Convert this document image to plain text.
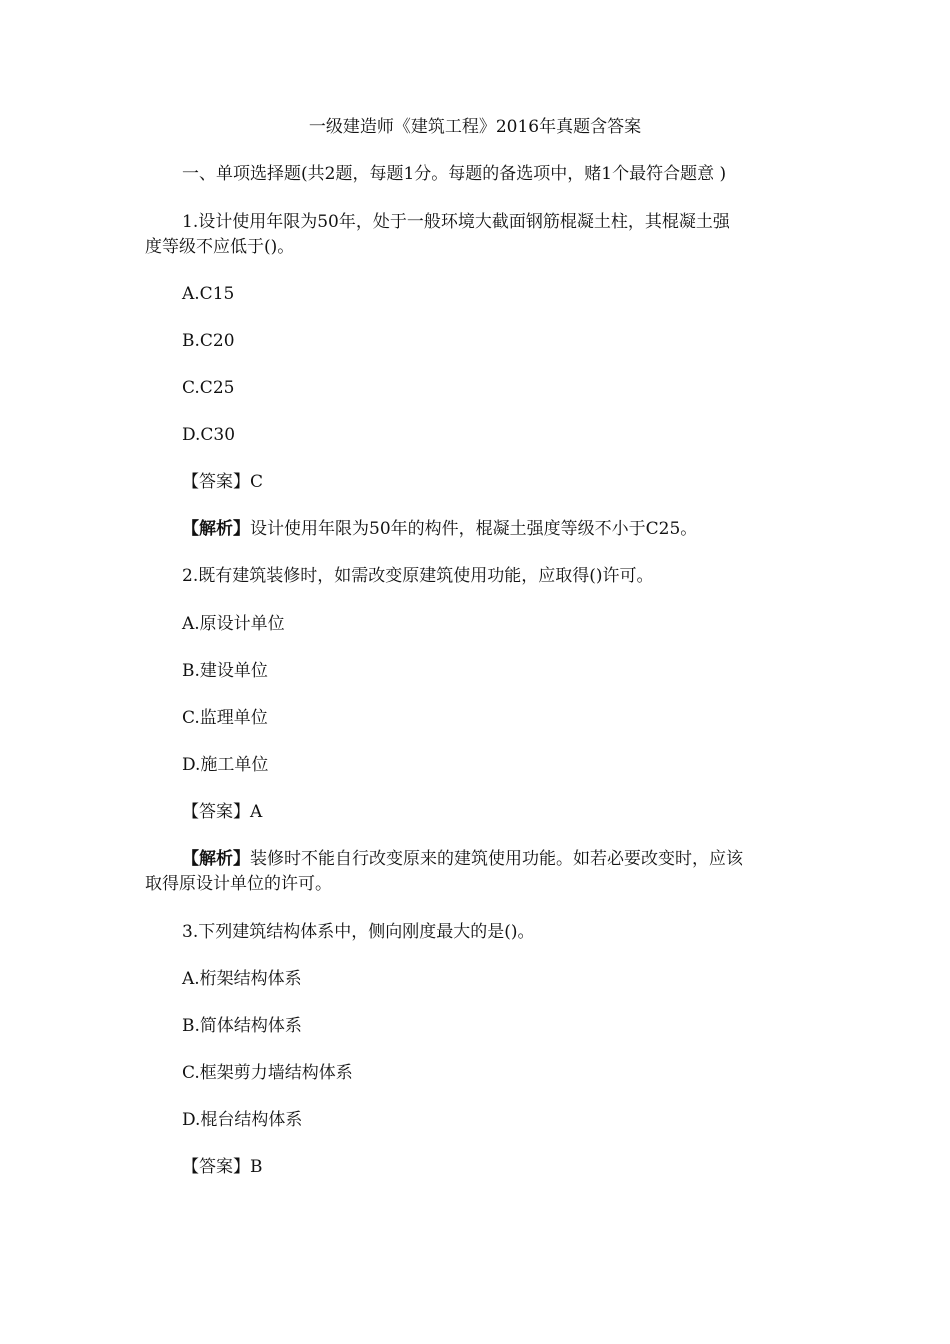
一级建造师《建筑工程》2016年真题含答案
一、单项选择题(共2题，每题1分。每题的备选项中，赌1个最符合题意 )
1.设计使用年限为50年，处于一般环境大截面钢筋棍凝土柱，其棍凝土强
度等级不应低于()。
A.C15
B.C20
C.C25
D.C30
【答案】C
【解析】设计使用年限为50年的构件，棍凝土强度等级不小于C25。
2.既有建筑装修时，如需改变原建筑使用功能，应取得()许可。
A.原设计单位
B.建设单位
C.监理单位
D.施工单位
【答案】A
【解析】装修时不能自行改变原来的建筑使用功能。如若必要改变时，应该
取得原设计单位的许可。
3.下列建筑结构体系中，侧向刚度最大的是()。
A.桁架结构体系
B.简体结构体系
C.框架剪力墙结构体系
D.棍台结构体系
【答案】B
